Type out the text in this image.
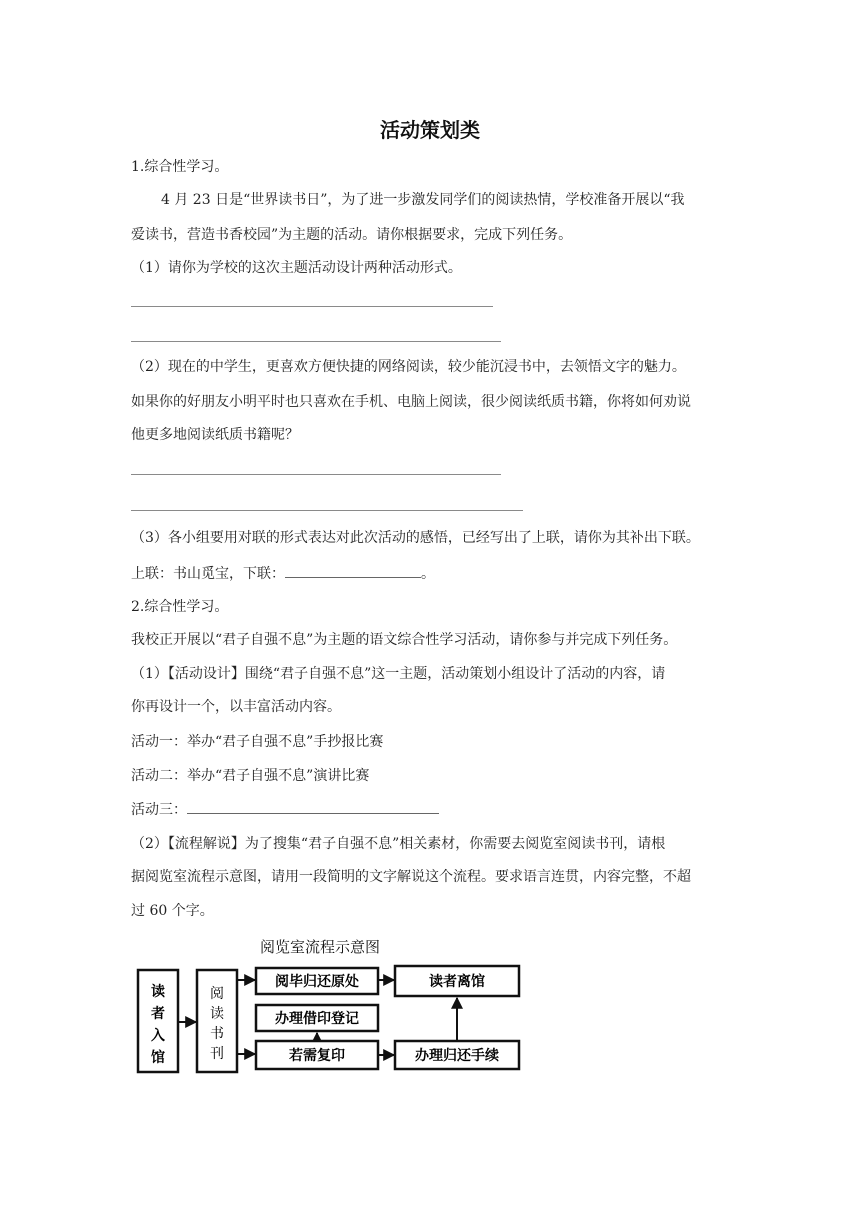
活动策划类
1.综合性学习。
4 月 23 日是“世界读书日”，为了进一步激发同学们的阅读热情，学校准备开展以“我
爱读书，营造书香校园”为主题的活动。请你根据要求，完成下列任务。
（1）请你为学校的这次主题活动设计两种活动形式。
（2）现在的中学生，更喜欢方便快捷的网络阅读，较少能沉浸书中，去领悟文字的魅力。
如果你的好朋友小明平时也只喜欢在手机、电脑上阅读，很少阅读纸质书籍，你将如何劝说
他更多地阅读纸质书籍呢？
（3）各小组要用对联的形式表达对此次活动的感悟，已经写出了上联，请你为其补出下联。
上联：书山觅宝，下联：	。
2.综合性学习。
我校正开展以“君子自强不息”为主题的语文综合性学习活动，请你参与并完成下列任务。
（1）【活动设计】围绕“君子自强不息”这一主题，活动策划小组设计了活动的内容，请
你再设计一个，以丰富活动内容。
活动一：举办“君子自强不息”手抄报比赛
活动二：举办“君子自强不息”演讲比赛
活动三：
（2）【流程解说】为了搜集“君子自强不息”相关素材，你需要去阅览室阅读书刊，请根
据阅览室流程示意图，请用一段简明的文字解说这个流程。要求语言连贯，内容完整，不超
过 60 个字。
阅览室流程示意图
读
者
入
馆
阅
读
书
刊
阅毕归还原处	读者离馆
办理借印登记
若需复印	办理归还手续
